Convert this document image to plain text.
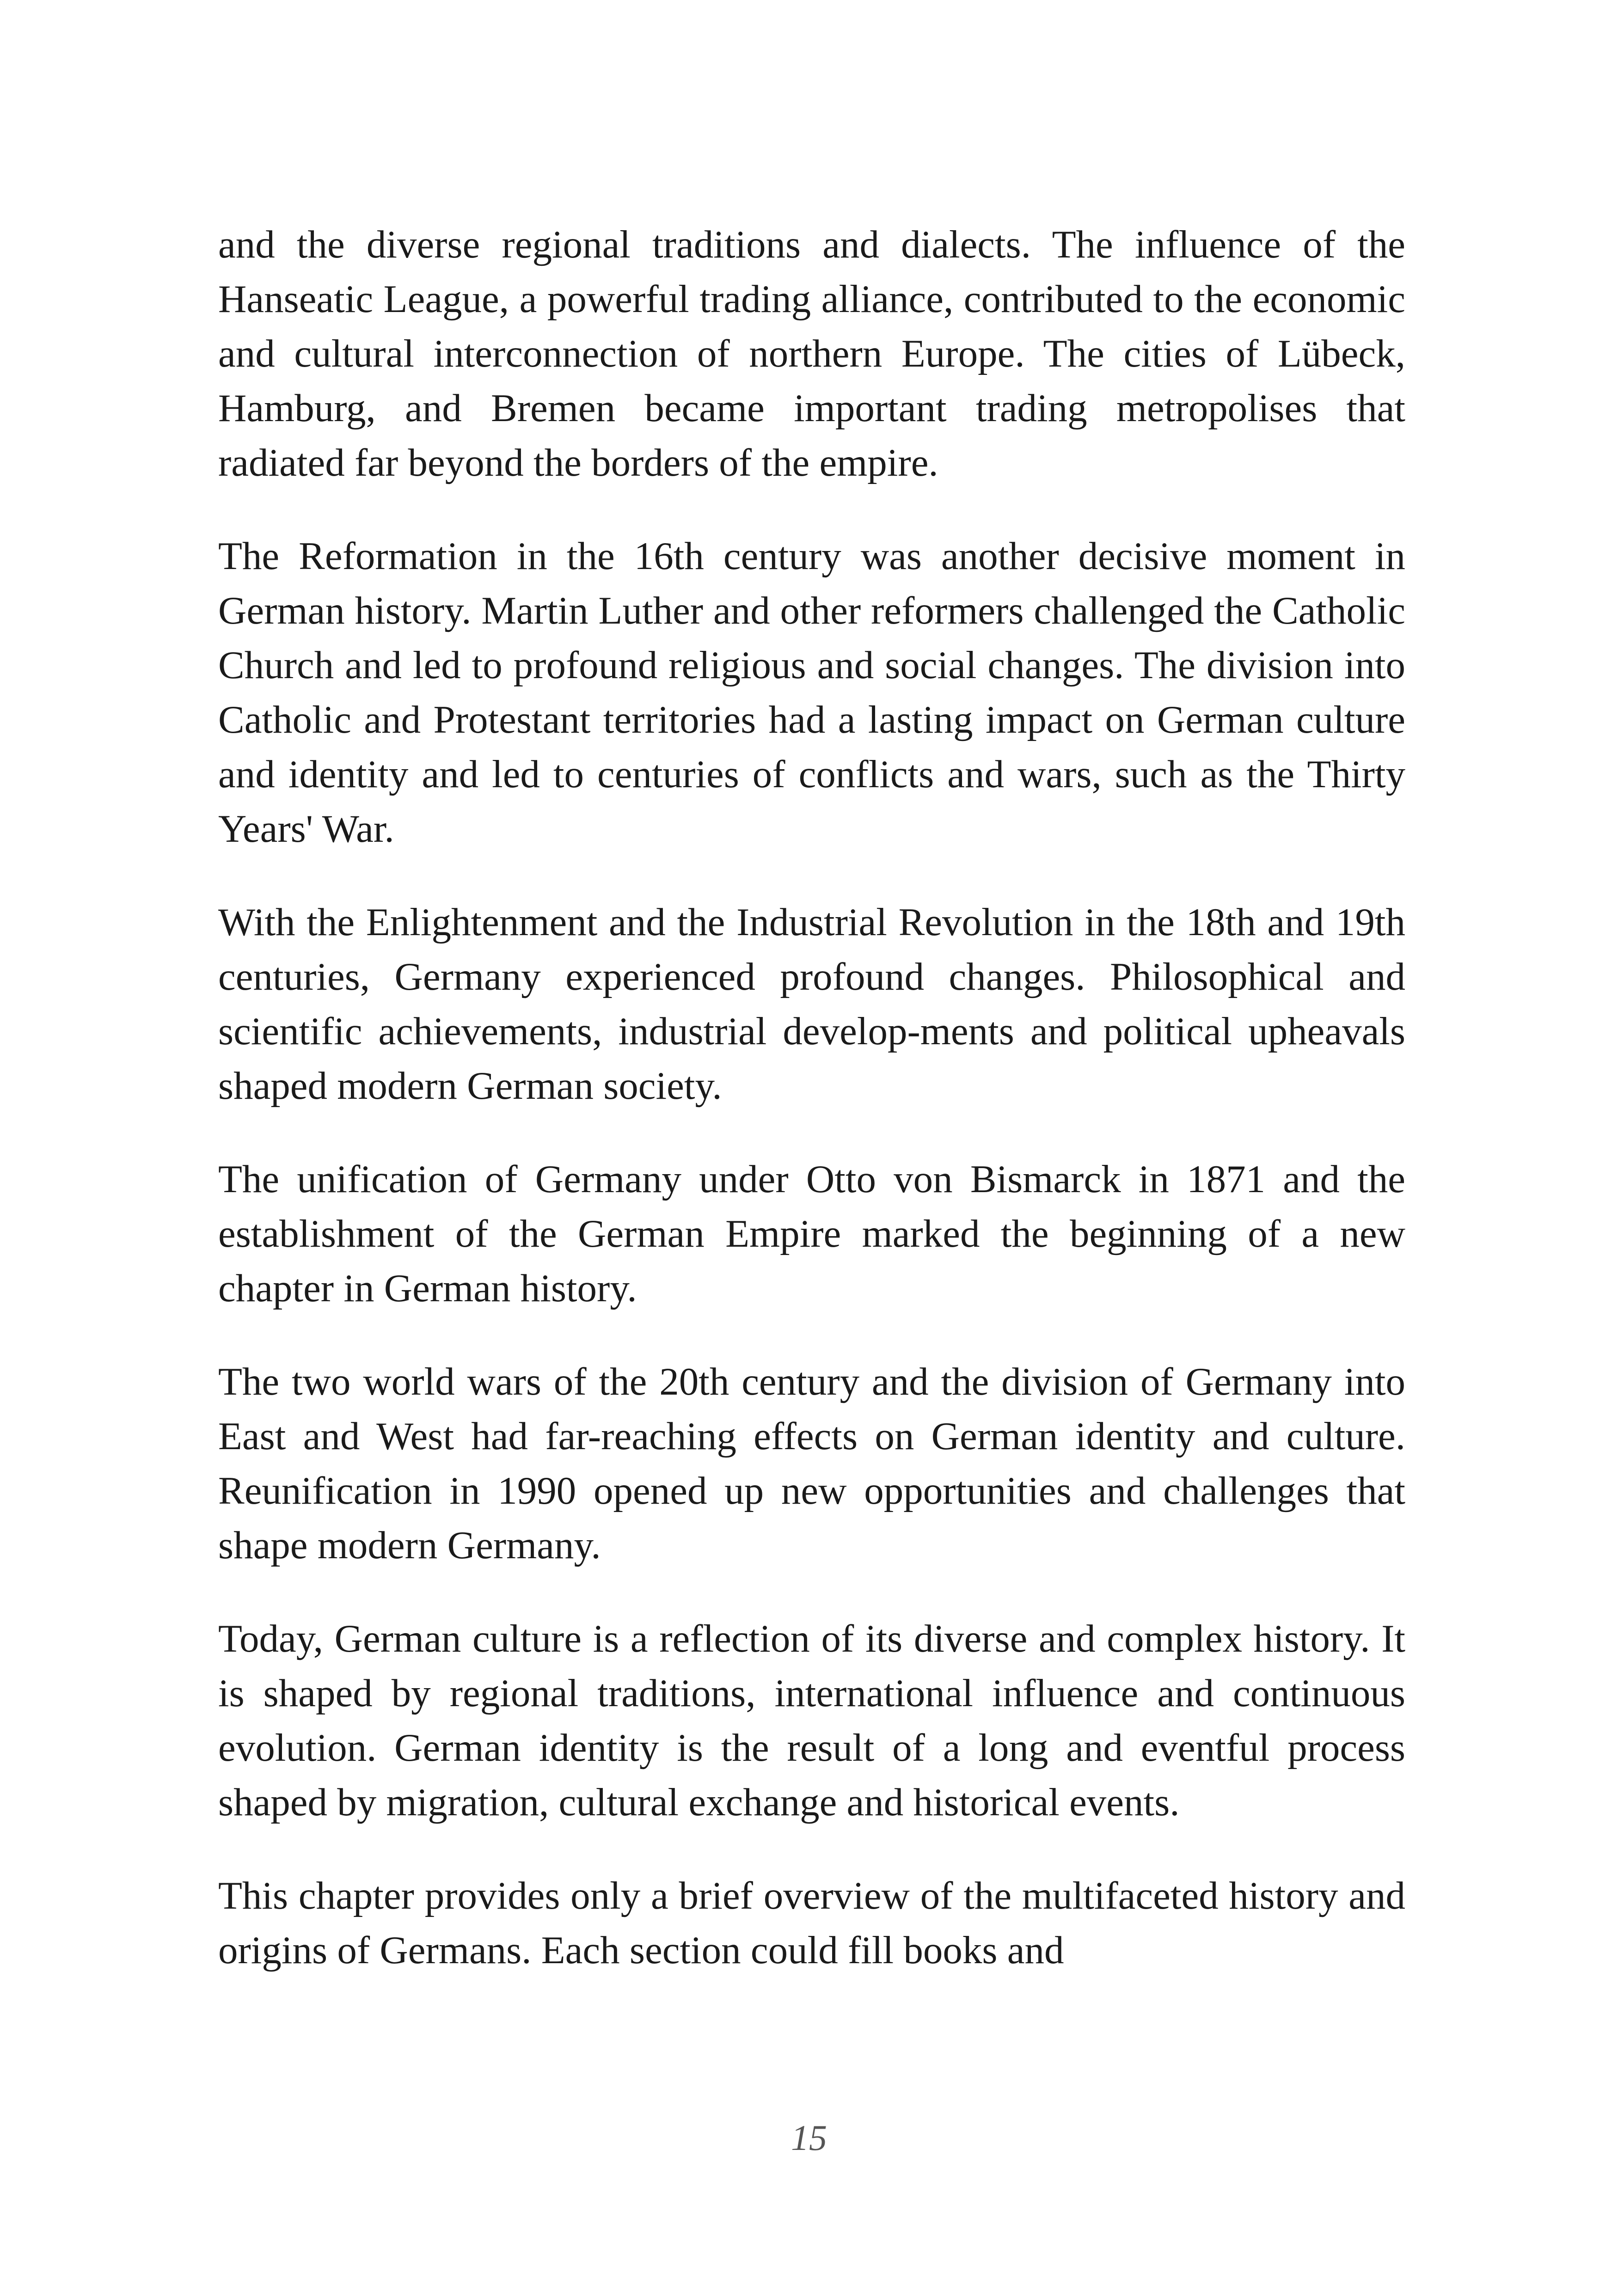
and the diverse regional traditions and dialects. The influence of the Hanseatic League, a powerful trading alliance, contributed to the economic and cultural interconnection of northern Europe. The cities of Lübeck, Hamburg, and Bremen became important trading metropolises that radiated far beyond the borders of the empire.

The Reformation in the 16th century was another decisive moment in German history. Martin Luther and other reformers challenged the Catholic Church and led to profound religious and social changes. The division into Catholic and Protestant territories had a lasting impact on German culture and identity and led to centuries of conflicts and wars, such as the Thirty Years' War.

With the Enlightenment and the Industrial Revolution in the 18th and 19th centuries, Germany experienced profound changes. Philosophical and scientific achievements, industrial develop-ments and political upheavals shaped modern German society.

The unification of Germany under Otto von Bismarck in 1871 and the establishment of the German Empire marked the beginning of a new chapter in German history.

The two world wars of the 20th century and the division of Germany into East and West had far-reaching effects on German identity and culture. Reunification in 1990 opened up new opportunities and challenges that shape modern Germany.

Today, German culture is a reflection of its diverse and complex history. It is shaped by regional traditions, international influence and continuous evolution. German identity is the result of a long and eventful process shaped by migration, cultural exchange and historical events.

This chapter provides only a brief overview of the multifaceted history and origins of Germans. Each section could fill books and

15
